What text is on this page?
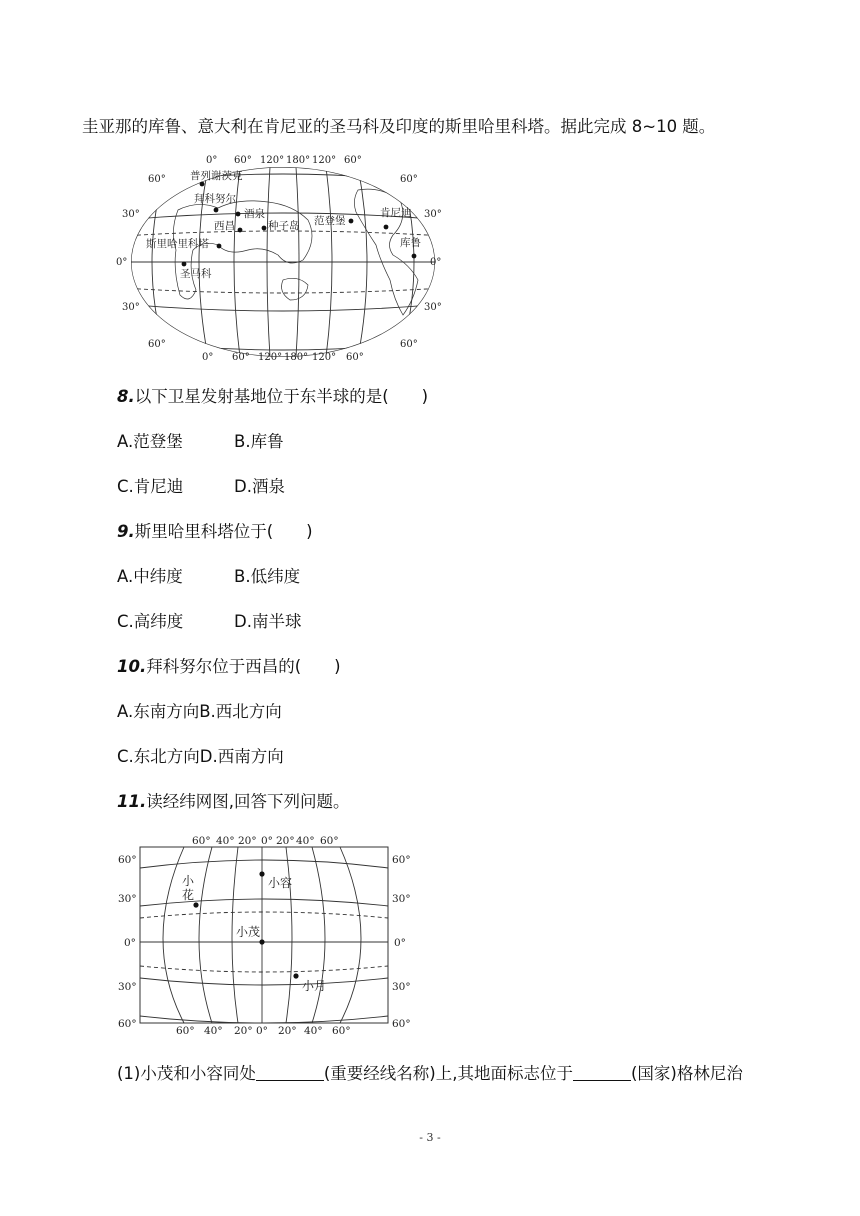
圭亚那的库鲁、意大利在肯尼亚的圣马科及印度的斯里哈里科塔。据此完成 8~10 题。
0° 60° 120° 180° 120° 60°
0° 60° 120° 180° 120° 60°
60°
30°
0°
30°
60°
60°
30°
0°
30°
60°
普列谢茨克
拜科努尔
酒泉
西昌	种子岛 范登堡
肯尼迪
库鲁
斯里哈里科塔
圣马科
8.以下卫星发射基地位于东半球的是(　　)
A.范登堡	B.库鲁
C.肯尼迪	D.酒泉
9.斯里哈里科塔位于(　　)
A.中纬度	B.低纬度
C.高纬度	D.南半球
10.拜科努尔位于西昌的(　　)
A.东南方向B.西北方向
C.东北方向D.西南方向
11.读经纬网图,回答下列问题。
60° 40° 20° 0° 20° 40° 60°
60° 40° 20° 0° 20° 40° 60°
60°
30°
0°
30°
60°
60°
30°
0°
30°
60°
小
花
小容
小茂
小月
(1)小茂和小容同处	(重要经线名称)上,其地面标志位于	(国家)格林尼治
- 3 -
